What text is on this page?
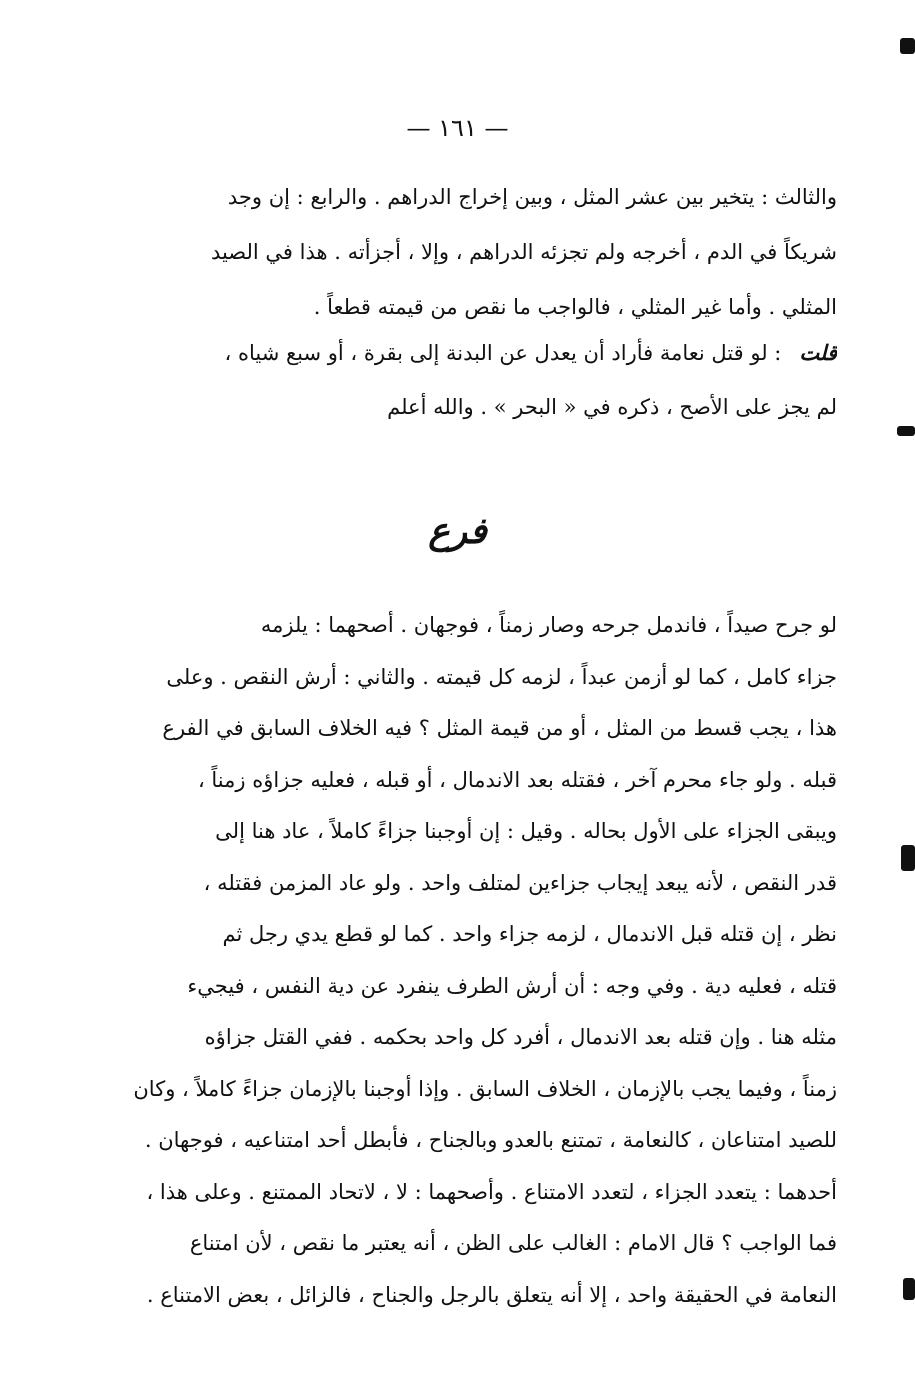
— ١٦١ —
والثالث : يتخير بين عشر المثل ، وبين إخراج الدراهم . والرابع : إن وجد
شريكاً في الدم ، أخرجه ولم تجزئه الدراهم ، وإلا ، أجزأته . هذا في الصيد
المثلي . وأما غير المثلي ، فالواجب ما نقص من قيمته قطعاً .
قلت: لو قتل نعامة فأراد أن يعدل عن البدنة إلى بقرة ، أو سبع شياه ،
لم يجز على الأصح ، ذكره في « البحر » . والله أعلم
فرع
لو جرح صيداً ، فاندمل جرحه وصار زمناً ، فوجهان . أصحهما : يلزمه
جزاء كامل ، كما لو أزمن عبداً ، لزمه كل قيمته . والثاني : أرش النقص . وعلى
هذا ، يجب قسط من المثل ، أو من قيمة المثل ؟ فيه الخلاف السابق في الفرع
قبله . ولو جاء محرم آخر ، فقتله بعد الاندمال ، أو قبله ، فعليه جزاؤه زمناً ،
ويبقى الجزاء على الأول بحاله . وقيل : إن أوجبنا جزاءً كاملاً ، عاد هنا إلى
قدر النقص ، لأنه يبعد إيجاب جزاءين لمتلف واحد . ولو عاد المزمن فقتله ،
نظر ، إن قتله قبل الاندمال ، لزمه جزاء واحد . كما لو قطع يدي رجل ثم
قتله ، فعليه دية . وفي وجه : أن أرش الطرف ينفرد عن دية النفس ، فيجيء
مثله هنا . وإن قتله بعد الاندمال ، أفرد كل واحد بحكمه . ففي القتل جزاؤه
زمناً ، وفيما يجب بالإزمان ، الخلاف السابق . وإذا أوجبنا بالإزمان جزاءً كاملاً ، وكان
للصيد امتناعان ، كالنعامة ، تمتنع بالعدو وبالجناح ، فأبطل أحد امتناعيه ، فوجهان .
أحدهما : يتعدد الجزاء ، لتعدد الامتناع . وأصحهما : لا ، لاتحاد الممتنع . وعلى هذا ،
فما الواجب ؟ قال الامام : الغالب على الظن ، أنه يعتبر ما نقص ، لأن امتناع
النعامة في الحقيقة واحد ، إلا أنه يتعلق بالرجل والجناح ، فالزائل ، بعض الامتناع .
